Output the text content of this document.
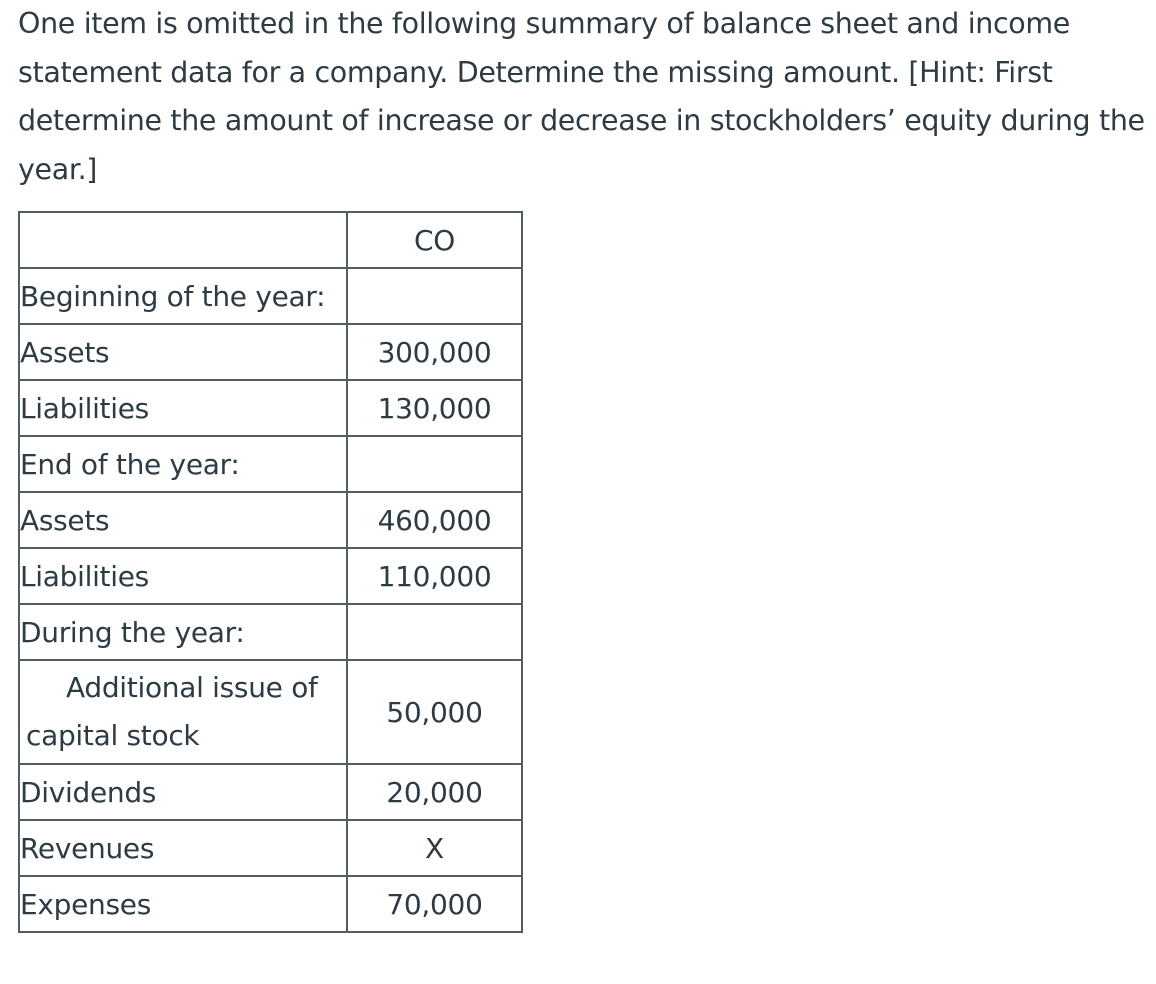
One item is omitted in the following summary of balance sheet and income statement data for a company. Determine the missing amount. [Hint: First determine the amount of increase or decrease in stockholders’ equity during the year.]

	CO
Beginning of the year:	
Assets	300,000
Liabilities	130,000
End of the year:	
Assets	460,000
Liabilities	110,000
During the year:	

Additional issue of
capital stock	50,000
Dividends	20,000
Revenues	X
Expenses	70,000
